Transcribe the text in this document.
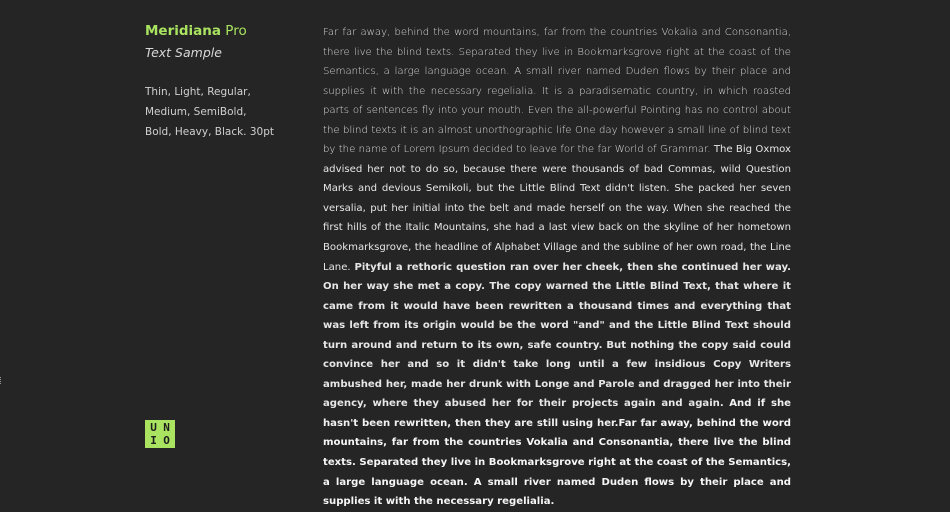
Meridiana Pro

Text Sample

Thin, Light, Regular,
Medium, SemiBold,
Bold, Heavy, Black. 30pt
U N
I O

Far far away, behind the word mountains, far from the countries Vokalia and Consonantia, there live the blind texts. Separated they live in Bookmarksgrove right at the coast of the Semantics, a large language ocean. A small river named Duden flows by their place and supplies it with the necessary regelialia. It is a paradisematic country, in which roasted parts of sentences fly into your mouth. Even the all-powerful Pointing has no control about the blind texts it is an almost unorthographic life One day however a small line of blind text by the name of Lorem Ipsum decided to leave for the far World of Grammar. The Big Oxmox advised her not to do so, because there were thousands of bad Commas, wild Question Marks and devious Semikoli, but the Little Blind Text didn't listen. She packed her seven versalia, put her initial into the belt and made herself on the way. When she reached the first hills of the Italic Mountains, she had a last view back on the skyline of her hometown Bookmarksgrove, the headline of Alphabet Village and the subline of her own road, the Line Lane. Pityful a rethoric question ran over her cheek, then she continued her way. On her way she met a copy. The copy warned the Little Blind Text, that where it came from it would have been rewritten a thousand times and everything that was left from its origin would be the word "and" and the Little Blind Text should turn around and return to its own, safe country. But nothing the copy said could convince her and so it didn't take long until a few insidious Copy Writers ambushed her, made her drunk with Longe and Parole and dragged her into their agency, where they abused her for their projects again and again. And if she hasn't been rewritten, then they are still using her.Far far away, behind the word mountains, far from the countries Vokalia and Consonantia, there live the blind texts. Separated they live in Bookmarksgrove right at the coast of the Semantics, a large language ocean. A small river named Duden flows by their place and supplies it with the necessary regelialia.
